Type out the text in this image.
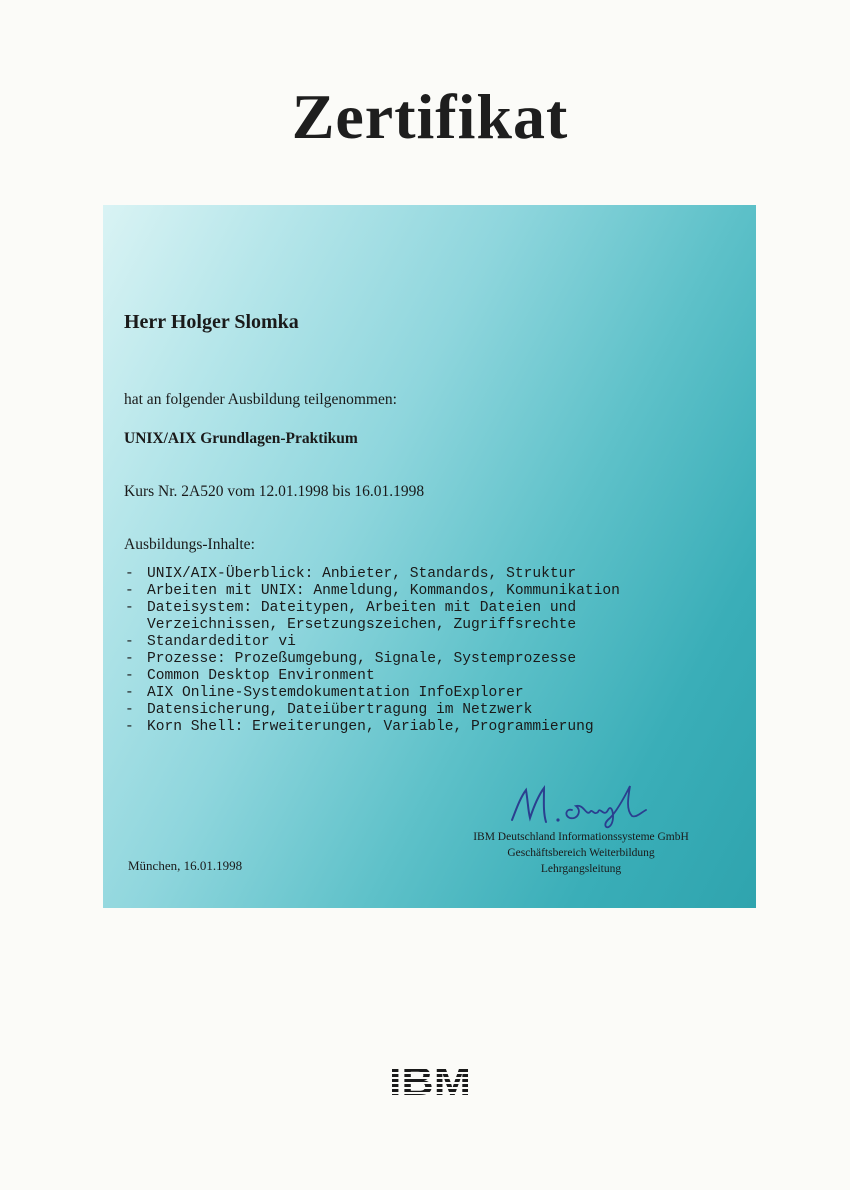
Zertifikat
Herr Holger Slomka
hat an folgender Ausbildung teilgenommen:
UNIX/AIX Grundlagen-Praktikum
Kurs Nr. 2A520 vom 12.01.1998 bis 16.01.1998
Ausbildungs-Inhalte:
- UNIX/AIX-Überblick: Anbieter, Standards, Struktur
- Arbeiten mit UNIX: Anmeldung, Kommandos, Kommunikation
- Dateisystem: Dateitypen, Arbeiten mit Dateien und
Verzeichnissen, Ersetzungszeichen, Zugriffsrechte
- Standardeditor vi
- Prozesse: Prozeßumgebung, Signale, Systemprozesse
- Common Desktop Environment
- AIX Online-Systemdokumentation InfoExplorer
- Datensicherung, Dateiübertragung im Netzwerk
- Korn Shell: Erweiterungen, Variable, Programmierung
IBM Deutschland Informationssysteme GmbH
Geschäftsbereich Weiterbildung
Lehrgangsleitung
München, 16.01.1998
